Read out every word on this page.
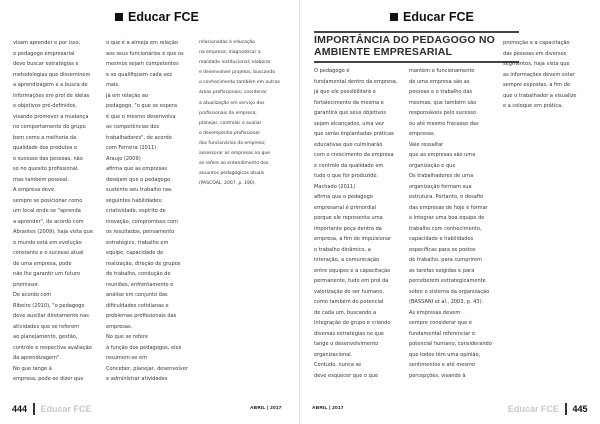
Educar FCE
visam aprender e por isso,
o pedagogo empresarial
deve buscar estratégias e
metodologias que disseminem
a aprendizagem e a busca de
informações em prol de ideias
e objetivos pré-definidos,
visando promover a mudança
no comportamento do grupo
bem como a melhoria da
qualidade dos produtos e
o sucesso das pessoas, não
só no quesito profissional,
mas também pessoal.
A empresa deve
sempre se posicionar como
um local onde se "aprenda
a aprender", de acordo com
Abrantes (2009), haja vista que
o mundo está em evolução
constante e o sucesso atual
de uma empresa, pode
não lhe garantir um futuro
promissor.
De acordo com
Ribeiro (2010), "o pedagogo
deve auxiliar diretamente nas
atividades que se referem
ao planejamento, gestão,
controle e respectiva avaliação
da aprendizagem".
No que tange à
empresa, pode-se dizer que
o que é a almeja em relação
aos seus funcionários é que os
mesmos sejam competentes
e se qualifiquem cada vez
mais.
Já em relação ao
pedagogo, "o que se espera
é que o mesmo desenvolva
as competências dos
trabalhadores", de acordo
com Ferreira (2011).
Araujo (2009)
afirma que as empresas
desejam que o pedagogo
sustente seu trabalho nas
seguintes habilidades:
criatividade, espírito de
inovação, compromisso com
os resultados, pensamento
estratégico, trabalho em
equipe, capacidade de
realização, direção de grupos
de trabalho, condução de
reuniões, enfrentamento e
análise em conjunto das
dificuldades cotidianas e
problemas profissionais das
empresas.
No que se refere
à função dos pedagogos, eles
resumem-se em
Conceber, planejar, desenvolver
e administrar atividades
relacionadas à educação
na empresa; diagnosticar a
realidade institucional; elaborar
e desenvolver projetos, buscando
o conhecimento também em outras
áreas profissionais; coordenar
a atualização em serviço dos
profissionais da empresa;
planejar, controlar e avaliar
o desempenho profissional
dos funcionários da empresa;
assessorar as empresas no que
se refere ao entendimento dos
assuntos pedagógicos atuais
(PASCOAL, 2007, p. 190).
444 Educar FCE	ABRIL | 2017
Educar FCE
IMPORTÂNCIA DO PEDAGOGO NO AMBIENTE EMPRESARIAL
O pedagogo é
fundamental dentro da empresa,
já que ele possibilitará o
fortalecimento da mesma e
garantirá que seus objetivos
sejam alcançados, uma vez
que serão implantadas práticas
educativas que culminarão
com o crescimento da empresa
e controle da qualidade em
tudo o que for produzido.
Machado (2011)
afirma que o pedagogo
empresarial é primordial
porque ele representa uma
importante peça dentro da
empresa, a fim de impulsionar
o trabalho dinâmico, a
interação, a comunicação
entre equipes e a capacitação
permanente, tudo em prol da
valorização do ser humano,
como também do potencial
de cada um, buscando a
integração do grupo e criando
diversas estratégias no que
tange o desenvolvimento
organizacional.
Contudo, nunca se
deve esquecer que o que
mantém o funcionamento
de uma empresa são as
pessoas e o trabalho das
mesmas, que também são
responsáveis pelo sucesso
ou até mesmo fracasso das
empresas.
Vale ressaltar
que as empresas são uma
organização e que
Os trabalhadores de uma
organização formam sua
estrutura. Portanto, o desafio
das empresas de hoje é formar
e integrar uma boa equipe de
trabalho com conhecimento,
capacidade e habilidades
específicas para os postos
de trabalho, para cumprirem
as tarefas exigidas e para
perceberem estrategicamente
sobre o sistema da organização
(BASSANI et al., 2003, p. 43).
As empresas devem
sempre considerar que é
fundamental referenciar o
potencial humano, considerando
que todos têm uma opinião,
sentimentos e até mesmo
percepções, visando à
promoção e a capacitação
das pessoas em diversos
segmentos, haja vista que
as informações devem estar
sempre expostas, a fim de
que o trabalhador a visualize
e a coloque em prática.
ABRIL | 2017	Educar FCE 445
